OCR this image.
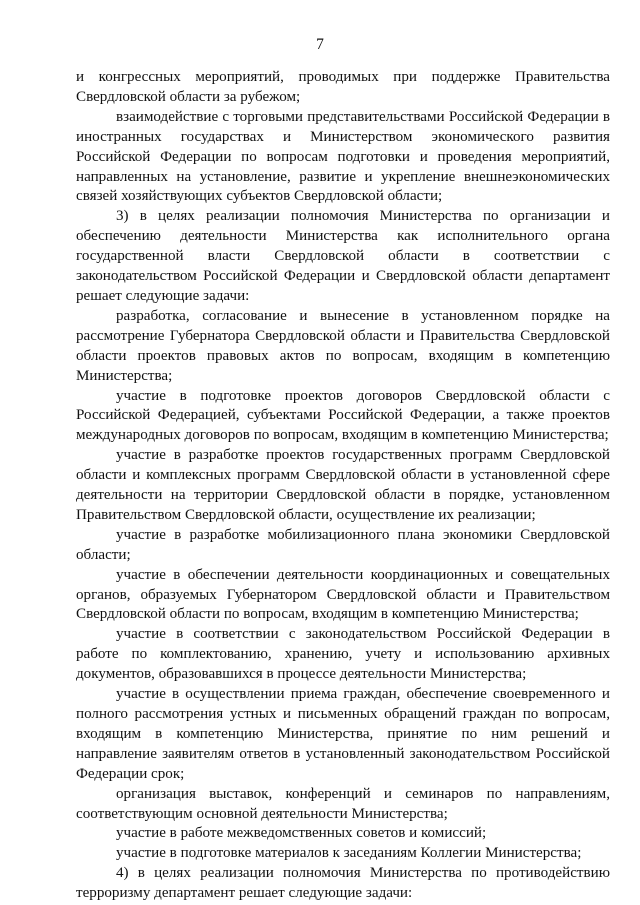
7

и конгрессных мероприятий, проводимых при поддержке Правительства Свердловской области за рубежом;

взаимодействие с торговыми представительствами Российской Федерации в иностранных государствах и Министерством экономического развития Российской Федерации по вопросам подготовки и проведения мероприятий, направленных на установление, развитие и укрепление внешнеэкономических связей хозяйствующих субъектов Свердловской области;

3) в целях реализации полномочия Министерства по организации и обеспечению деятельности Министерства как исполнительного органа государственной власти Свердловской области в соответствии с законодательством Российской Федерации и Свердловской области департамент решает следующие задачи:

разработка, согласование и вынесение в установленном порядке на рассмотрение Губернатора Свердловской области и Правительства Свердловской области проектов правовых актов по вопросам, входящим в компетенцию Министерства;

участие в подготовке проектов договоров Свердловской области с Российской Федерацией, субъектами Российской Федерации, а также проектов международных договоров по вопросам, входящим в компетенцию Министерства;

участие в разработке проектов государственных программ Свердловской области и комплексных программ Свердловской области в установленной сфере деятельности на территории Свердловской области в порядке, установленном Правительством Свердловской области, осуществление их реализации;

участие в разработке мобилизационного плана экономики Свердловской области;

участие в обеспечении деятельности координационных и совещательных органов, образуемых Губернатором Свердловской области и Правительством Свердловской области по вопросам, входящим в компетенцию Министерства;

участие в соответствии с законодательством Российской Федерации в работе по комплектованию, хранению, учету и использованию архивных документов, образовавшихся в процессе деятельности Министерства;

участие в осуществлении приема граждан, обеспечение своевременного и полного рассмотрения устных и письменных обращений граждан по вопросам, входящим в компетенцию Министерства, принятие по ним решений и направление заявителям ответов в установленный законодательством Российской Федерации срок;

организация выставок, конференций и семинаров по направлениям, соответствующим основной деятельности Министерства;

участие в работе межведомственных советов и комиссий;

участие в подготовке материалов к заседаниям Коллегии Министерства;

4) в целях реализации полномочия Министерства по противодействию терроризму департамент решает следующие задачи:
